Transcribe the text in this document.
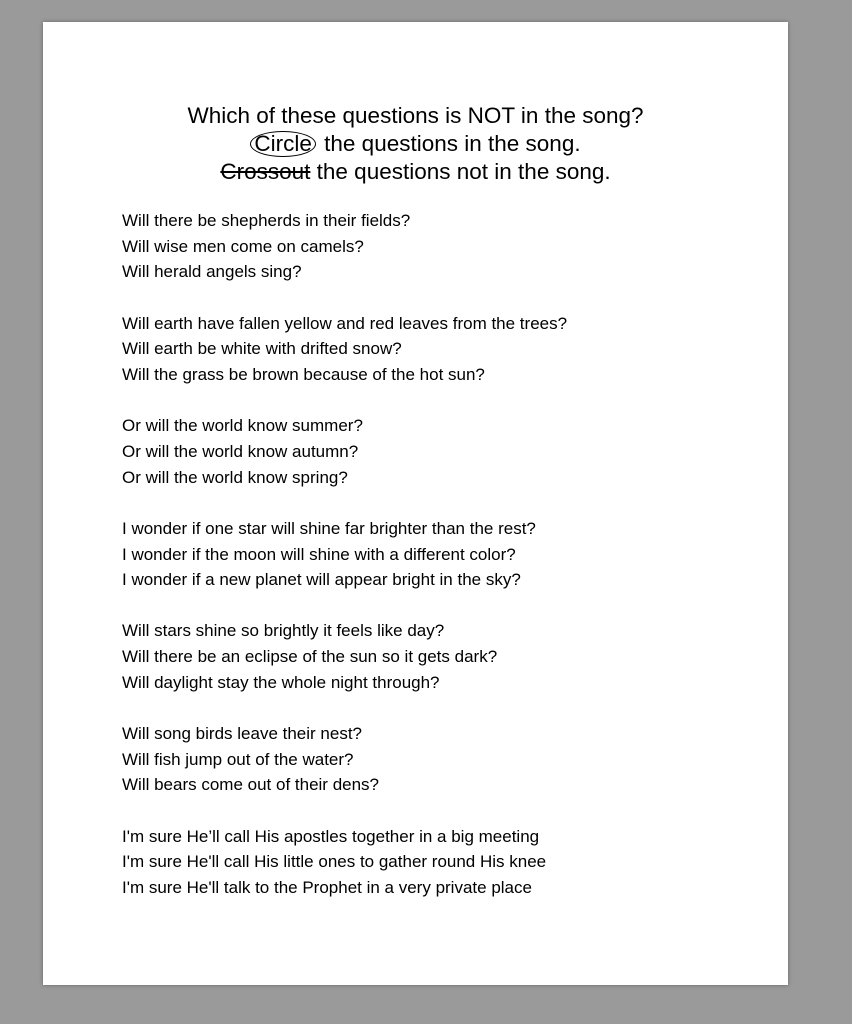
Which of these questions is NOT in the song?
Circle the questions in the song.
Crossout the questions not in the song.
Will there be shepherds in their fields?
Will wise men come on camels?
Will herald angels sing?
Will earth have fallen yellow and red leaves from the trees?
Will earth be white with drifted snow?
Will the grass be brown because of the hot sun?
Or will the world know summer?
Or will the world know autumn?
Or will the world know spring?
I wonder if one star will shine far brighter than the rest?
I wonder if the moon will shine with a different color?
I wonder if a new planet will appear bright in the sky?
Will stars shine so brightly it feels like day?
Will there be an eclipse of the sun so it gets dark?
Will daylight stay the whole night through?
Will song birds leave their nest?
Will fish jump out of the water?
Will bears come out of their dens?
I'm sure He’ll call His apostles together in a big meeting
I'm sure He'll call His little ones to gather round His knee
I'm sure He'll talk to the Prophet in a very private place
